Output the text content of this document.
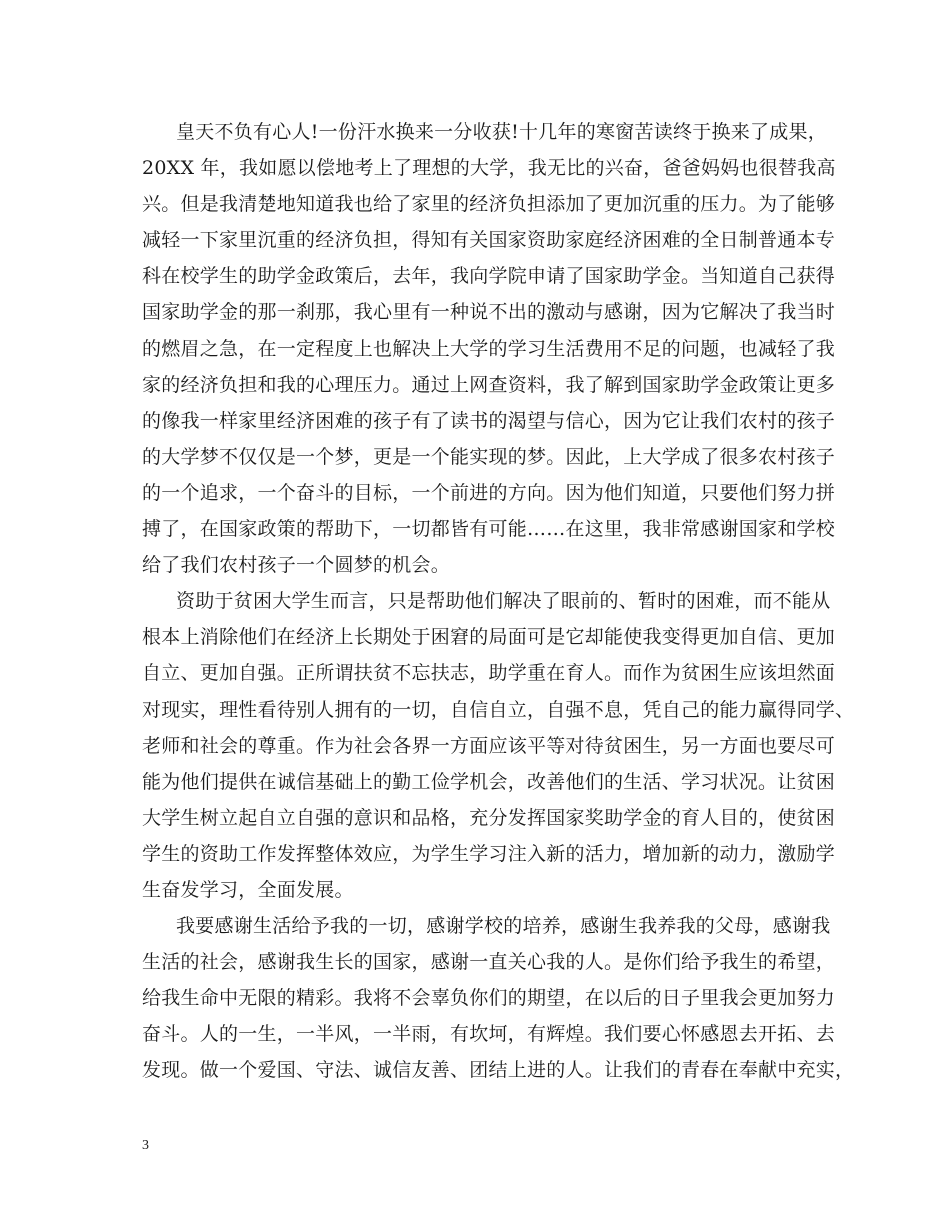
皇天不负有心人!一份汗水换来一分收获!十几年的寒窗苦读终于换来了成果，
20XX 年，我如愿以偿地考上了理想的大学，我无比的兴奋，爸爸妈妈也很替我高
兴。但是我清楚地知道我也给了家里的经济负担添加了更加沉重的压力。为了能够
减轻一下家里沉重的经济负担，得知有关国家资助家庭经济困难的全日制普通本专
科在校学生的助学金政策后，去年，我向学院申请了国家助学金。当知道自己获得
国家助学金的那一刹那，我心里有一种说不出的激动与感谢，因为它解决了我当时
的燃眉之急，在一定程度上也解决上大学的学习生活费用不足的问题，也减轻了我
家的经济负担和我的心理压力。通过上网查资料，我了解到国家助学金政策让更多
的像我一样家里经济困难的孩子有了读书的渴望与信心，因为它让我们农村的孩子
的大学梦不仅仅是一个梦，更是一个能实现的梦。因此，上大学成了很多农村孩子
的一个追求，一个奋斗的目标，一个前进的方向。因为他们知道，只要他们努力拼
搏了，在国家政策的帮助下，一切都皆有可能……在这里，我非常感谢国家和学校
给了我们农村孩子一个圆梦的机会。
资助于贫困大学生而言，只是帮助他们解决了眼前的、暂时的困难，而不能从
根本上消除他们在经济上长期处于困窘的局面可是它却能使我变得更加自信、更加
自立、更加自强。正所谓扶贫不忘扶志，助学重在育人。而作为贫困生应该坦然面
对现实，理性看待别人拥有的一切，自信自立，自强不息，凭自己的能力赢得同学、
老师和社会的尊重。作为社会各界一方面应该平等对待贫困生，另一方面也要尽可
能为他们提供在诚信基础上的勤工俭学机会，改善他们的生活、学习状况。让贫困
大学生树立起自立自强的意识和品格，充分发挥国家奖助学金的育人目的，使贫困
学生的资助工作发挥整体效应，为学生学习注入新的活力，增加新的动力，激励学
生奋发学习，全面发展。
我要感谢生活给予我的一切，感谢学校的培养，感谢生我养我的父母，感谢我
生活的社会，感谢我生长的国家，感谢一直关心我的人。是你们给予我生的希望，
给我生命中无限的精彩。我将不会辜负你们的期望，在以后的日子里我会更加努力
奋斗。人的一生，一半风，一半雨，有坎坷，有辉煌。我们要心怀感恩去开拓、去
发现。做一个爱国、守法、诚信友善、团结上进的人。让我们的青春在奉献中充实，
3
